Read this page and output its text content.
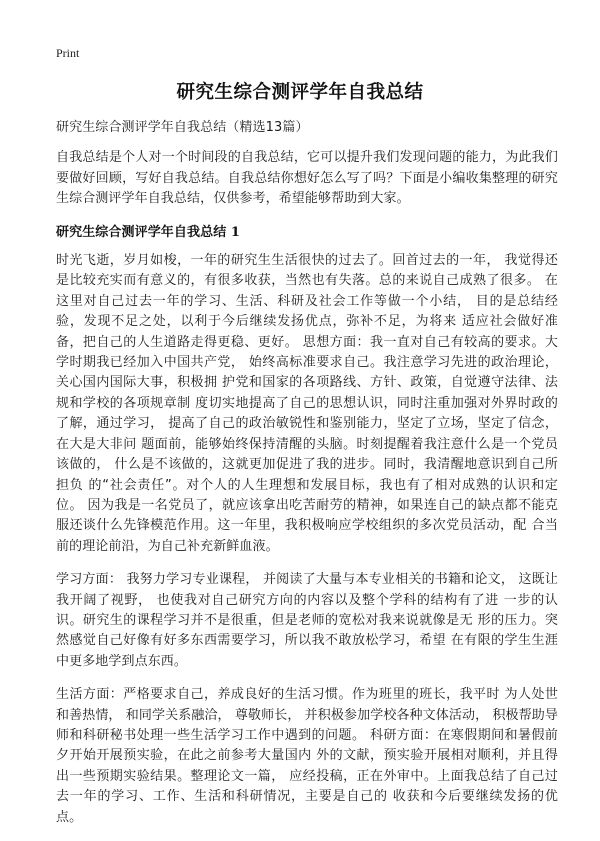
Print
研究生综合测评学年自我总结

研究生综合测评学年自我总结（精选13篇）

自我总结是个人对一个时间段的自我总结，它可以提升我们发现问题的能力，为此我们要做好回顾，写好自我总结。自我总结你想好怎么写了吗？下面是小编收集整理的研究生综合测评学年自我总结，仅供参考，希望能够帮助到大家。

研究生综合测评学年自我总结 1

时光飞逝，岁月如梭，一年的研究生生活很快的过去了。回首过去的一年， 我觉得还是比较充实而有意义的，有很多收获，当然也有失落。总的来说自己成熟了很多。 在这里对自己过去一年的学习、生活、科研及社会工作等做一个小结， 目的是总结经验，发现不足之处，以利于今后继续发扬优点，弥补不足，为将来 适应社会做好准备，把自己的人生道路走得更稳、更好。 思想方面：我一直对自己有较高的要求。大学时期我已经加入中国共产党， 始终高标准要求自己。我注意学习先进的政治理论，关心国内国际大事，积极拥 护党和国家的各项路线、方针、政策，自觉遵守法律、法规和学校的各项规章制 度切实地提高了自己的思想认识，同时注重加强对外界时政的了解，通过学习， 提高了自己的政治敏锐性和鉴别能力，坚定了立场，坚定了信念，在大是大非问 题面前，能够始终保持清醒的头脑。时刻提醒着我注意什么是一个党员该做的， 什么是不该做的，这就更加促进了我的进步。同时，我清醒地意识到自己所担负 的“社会责任”。对个人的人生理想和发展目标，我也有了相对成熟的认识和定位。 因为我是一名党员了，就应该拿出吃苦耐劳的精神，如果连自己的缺点都不能克 服还谈什么先锋模范作用。这一年里，我积极响应学校组织的多次党员活动，配 合当前的理论前沿，为自己补充新鲜血液。

学习方面： 我努力学习专业课程， 并阅读了大量与本专业相关的书籍和论文， 这既让我开阔了视野， 也使我对自己研究方向的内容以及整个学科的结构有了进 一步的认识。研究生的课程学习并不是很重，但是老师的宽松对我来说就像是无 形的压力。突然感觉自己好像有好多东西需要学习，所以我不敢放松学习，希望 在有限的学生生涯中更多地学到点东西。

生活方面：严格要求自己，养成良好的生活习惯。作为班里的班长，我平时 为人处世和善热情， 和同学关系融洽， 尊敬师长， 并积极参加学校各种文体活动， 积极帮助导师和科研秘书处理一些生活学习工作中遇到的问题。 科研方面：在寒假期间和暑假前夕开始开展预实验，在此之前参考大量国内 外的文献，预实验开展相对顺利，并且得出一些预期实验结果。整理论文一篇， 应经投稿，正在外审中。上面我总结了自己过去一年的学习、工作、生活和科研情况，主要是自己的 收获和今后要继续发扬的优点。
